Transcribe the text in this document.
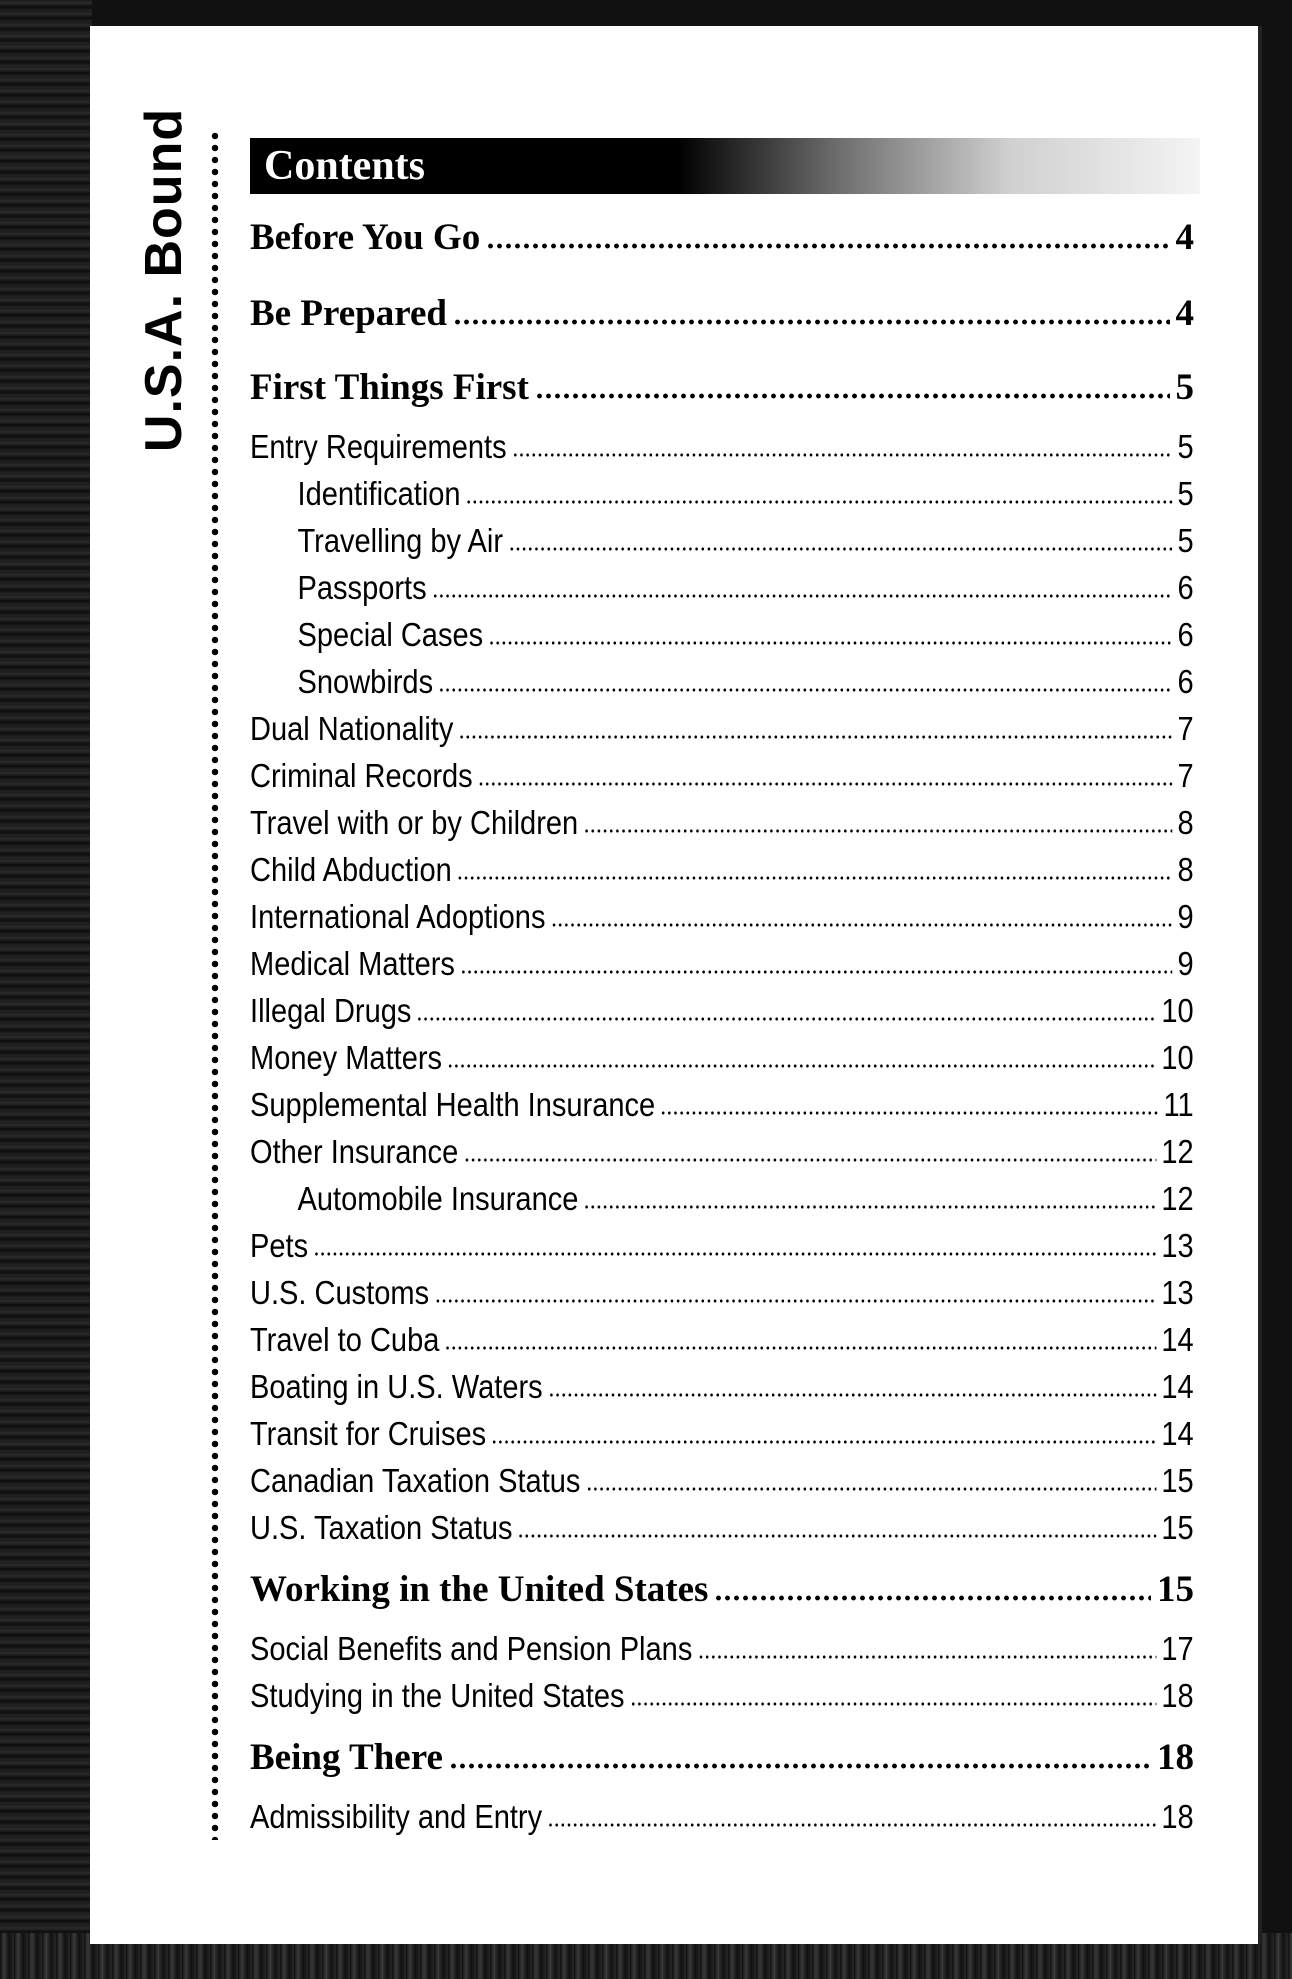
U.S.A. Bound	Contents
Before You Go	4
Be Prepared	4
First Things First	5
Entry Requirements	5
Identification	5
Travelling by Air	5
Passports	6
Special Cases	6
Snowbirds	6
Dual Nationality	7
Criminal Records	7
Travel with or by Children	8
Child Abduction	8
International Adoptions	9
Medical Matters	9
Illegal Drugs	10
Money Matters	10
Supplemental Health Insurance	11
Other Insurance	12
Automobile Insurance	12
Pets	13
U.S. Customs	13
Travel to Cuba	14
Boating in U.S. Waters	14
Transit for Cruises	14
Canadian Taxation Status	15
U.S. Taxation Status	15
Working in the United States	15
Social Benefits and Pension Plans	17
Studying in the United States	18
Being There	18
Admissibility and Entry	18
